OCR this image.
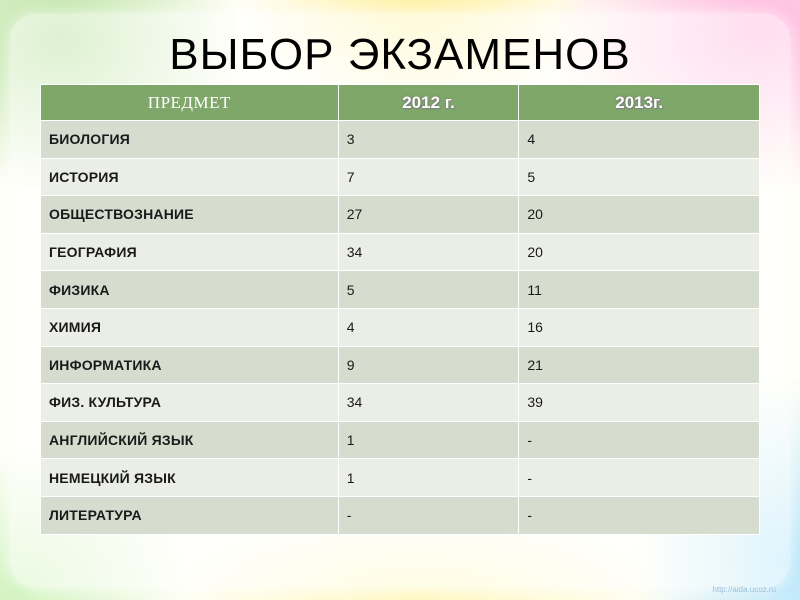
ВЫБОР ЭКЗАМЕНОВ
ПРЕДМЕТ	2012 г.	2013г.
БИОЛОГИЯ	3	4
ИСТОРИЯ	7	5
ОБЩЕСТВОЗНАНИЕ	27	20
ГЕОГРАФИЯ	34	20
ФИЗИКА	5	11
ХИМИЯ	4	16
ИНФОРМАТИКА	9	21
ФИЗ. КУЛЬТУРА	34	39
АНГЛИЙСКИЙ ЯЗЫК	1	-
НЕМЕЦКИЙ ЯЗЫК	1	-
ЛИТЕРАТУРА	-	-
http://aida.ucoz.ru
